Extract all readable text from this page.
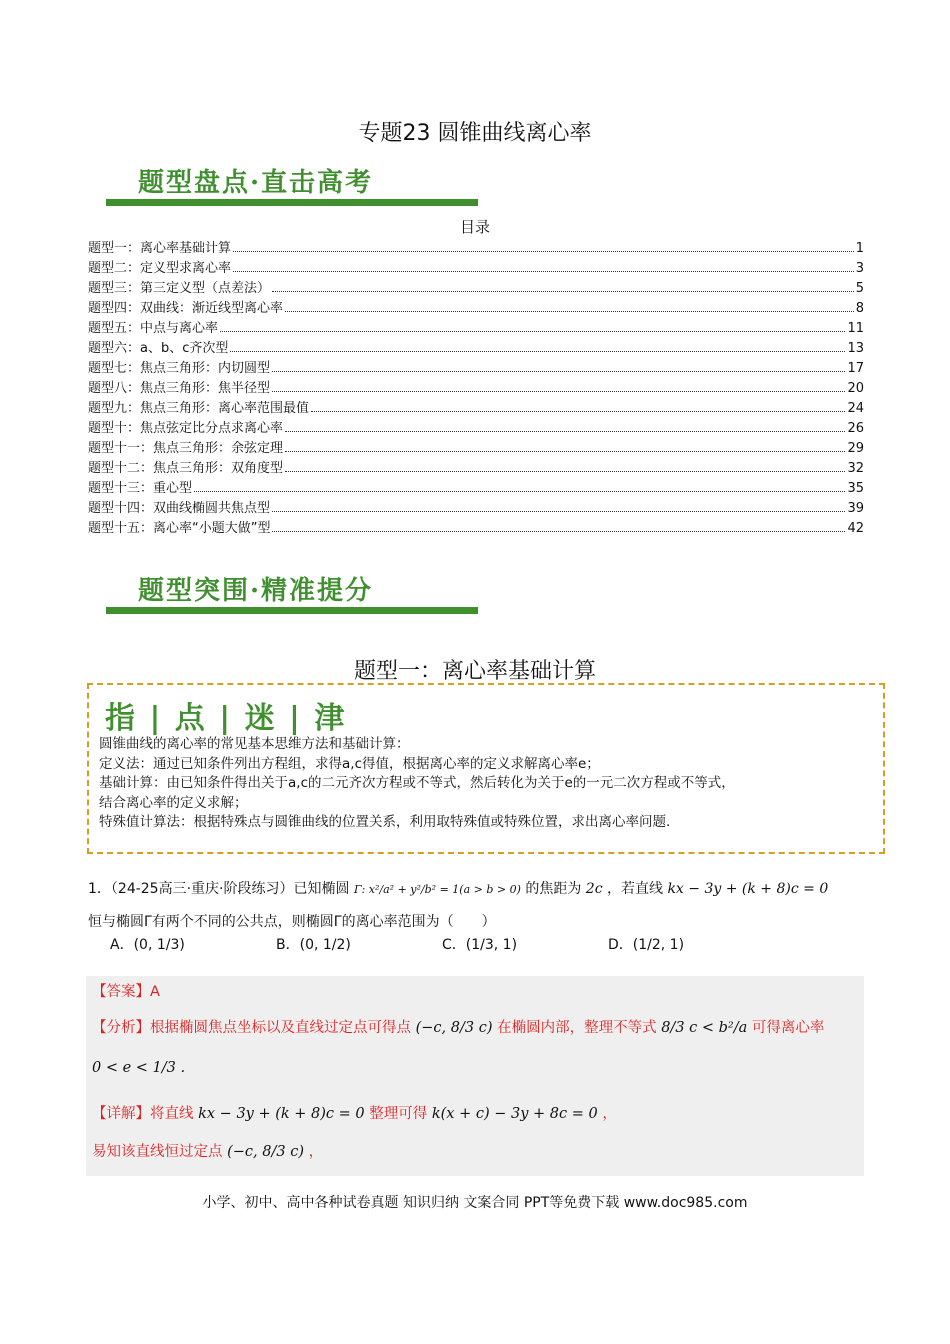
专题23 圆锥曲线离心率
题型盘点·直击高考
目录
题型一：离心率基础计算	1
题型二：定义型求离心率	3
题型三：第三定义型（点差法）	5
题型四：双曲线：渐近线型离心率	8
题型五：中点与离心率	11
题型六：a、b、c齐次型	13
题型七：焦点三角形：内切圆型	17
题型八：焦点三角形：焦半径型	20
题型九：焦点三角形：离心率范围最值	24
题型十：焦点弦定比分点求离心率	26
题型十一：焦点三角形：余弦定理	29
题型十二：焦点三角形：双角度型	32
题型十三：重心型	35
题型十四：双曲线椭圆共焦点型	39
题型十五：离心率“小题大做”型	42
题型突围·精准提分
题型一：离心率基础计算
指 | 点 | 迷 | 津
圆锥曲线的离心率的常见基本思维方法和基础计算：
定义法：通过已知条件列出方程组，求得a,c得值，根据离心率的定义求解离心率e；
基础计算：由已知条件得出关于a,c的二元齐次方程或不等式，然后转化为关于e的一元二次方程或不等式，
结合离心率的定义求解；
特殊值计算法：根据特殊点与圆锥曲线的位置关系，利用取特殊值或特殊位置，求出离心率问题.
1．（24-25高三·重庆·阶段练习）已知椭圆 Γ: x²/a² + y²/b² = 1(a > b > 0) 的焦距为 2c ，若直线 kx − 3y + (k + 8)c = 0
恒与椭圆Γ有两个不同的公共点，则椭圆Γ的离心率范围为（　　）
A．(0, 1/3)	B．(0, 1/2)	C．(1/3, 1)	D．(1/2, 1)
【答案】A
【分析】根据椭圆焦点坐标以及直线过定点可得点 (−c, 8/3 c) 在椭圆内部，整理不等式 8/3 c < b²/a 可得离心率
0 < e < 1/3 .
【详解】将直线 kx − 3y + (k + 8)c = 0 整理可得 k(x + c) − 3y + 8c = 0 ，
易知该直线恒过定点 (−c, 8/3 c) ，
小学、初中、高中各种试卷真题 知识归纳 文案合同 PPT等免费下载 www.doc985.com
